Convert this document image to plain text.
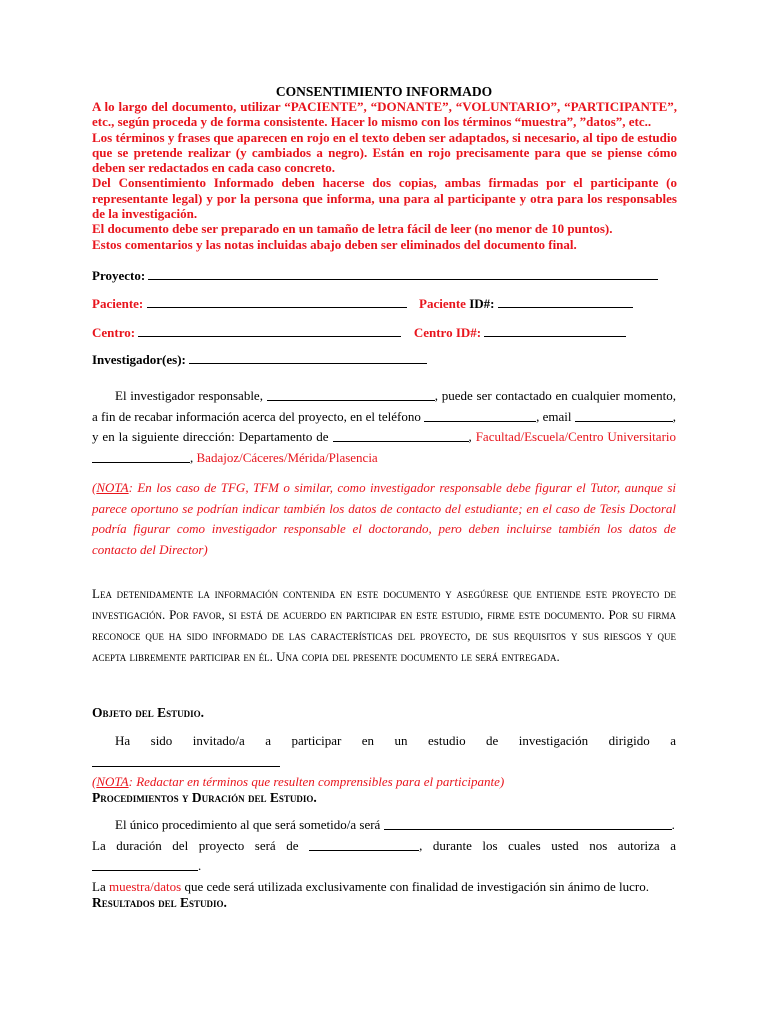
CONSENTIMIENTO INFORMADO

A lo largo del documento, utilizar “PACIENTE”, “DONANTE”, “VOLUNTARIO”, “PARTICIPANTE”, etc., según proceda y de forma consistente. Hacer lo mismo con los términos “muestra”, ”datos”, etc..

Los términos y frases que aparecen en rojo en el texto deben ser adaptados, si necesario, al tipo de estudio que se pretende realizar (y cambiados a negro). Están en rojo precisamente para que se piense cómo deben ser redactados en cada caso concreto.

Del Consentimiento Informado deben hacerse dos copias, ambas firmadas por el participante (o representante legal) y por la persona que informa, una para al participante y otra para los responsables de la investigación.

El documento debe ser preparado en un tamaño de letra fácil de leer (no menor de 10 puntos).

Estos comentarios y las notas incluidas abajo deben ser eliminados del documento final.

Proyecto:
Paciente:	Paciente ID#:
Centro:	Centro ID#:
Investigador(es):

El investigador responsable,	, puede ser contactado en cualquier momento, a fin de recabar información acerca del proyecto, en el teléfono	, email	, y en la siguiente dirección: Departamento de	, Facultad/Escuela/Centro Universitario , Badajoz/Cáceres/Mérida/Plasencia

(NOTA: En los caso de TFG, TFM o similar, como investigador responsable debe figurar el Tutor, aunque si parece oportuno se podrían indicar también los datos de contacto del estudiante; en el caso de Tesis Doctoral podría figurar como investigador responsable el doctorando, pero deben incluirse también los datos de contacto del Director)

Lea detenidamente la información contenida en este documento y asegúrese que entiende este proyecto de investigación. Por favor, si está de acuerdo en participar en este estudio, firme este documento. Por su firma reconoce que ha sido informado de las características del proyecto, de sus requisitos y sus riesgos y que acepta libremente participar en él. Una copia del presente documento le será entregada.
Objeto del Estudio.

Ha sido invitado/a a participar en un estudio de investigación dirigido a

(NOTA: Redactar en términos que resulten comprensibles para el participante)

Procedimientos y Duración del Estudio.

El único procedimiento al que será sometido/a será	.

La duración del proyecto será de	, durante los cuales usted nos autoriza a .

La muestra/datos que cede será utilizada exclusivamente con finalidad de investigación sin ánimo de lucro.

Resultados del Estudio.
